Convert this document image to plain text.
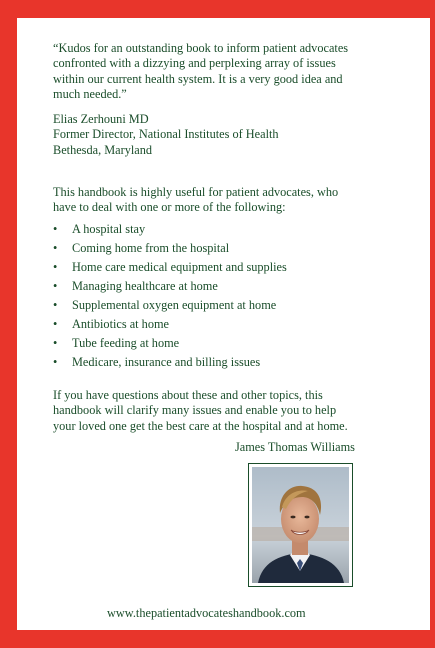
“Kudos for an outstanding book to inform patient advocates
confronted with a dizzying and perplexing array of issues
within our current health system. It is a very good idea and
much needed.”
Elias Zerhouni MD
Former Director, National Institutes of Health
Bethesda, Maryland
This handbook is highly useful for patient advocates, who
have to deal with one or more of the following:
• A hospital stay
• Coming home from the hospital
• Home care medical equipment and supplies
• Managing healthcare at home
• Supplemental oxygen equipment at home
• Antibiotics at home
• Tube feeding at home
• Medicare, insurance and billing issues
If you have questions about these and other topics, this
handbook will clarify many issues and enable you to help
your loved one get the best care at the hospital and at home.
James Thomas Williams
www.thepatientadvocateshandbook.com
